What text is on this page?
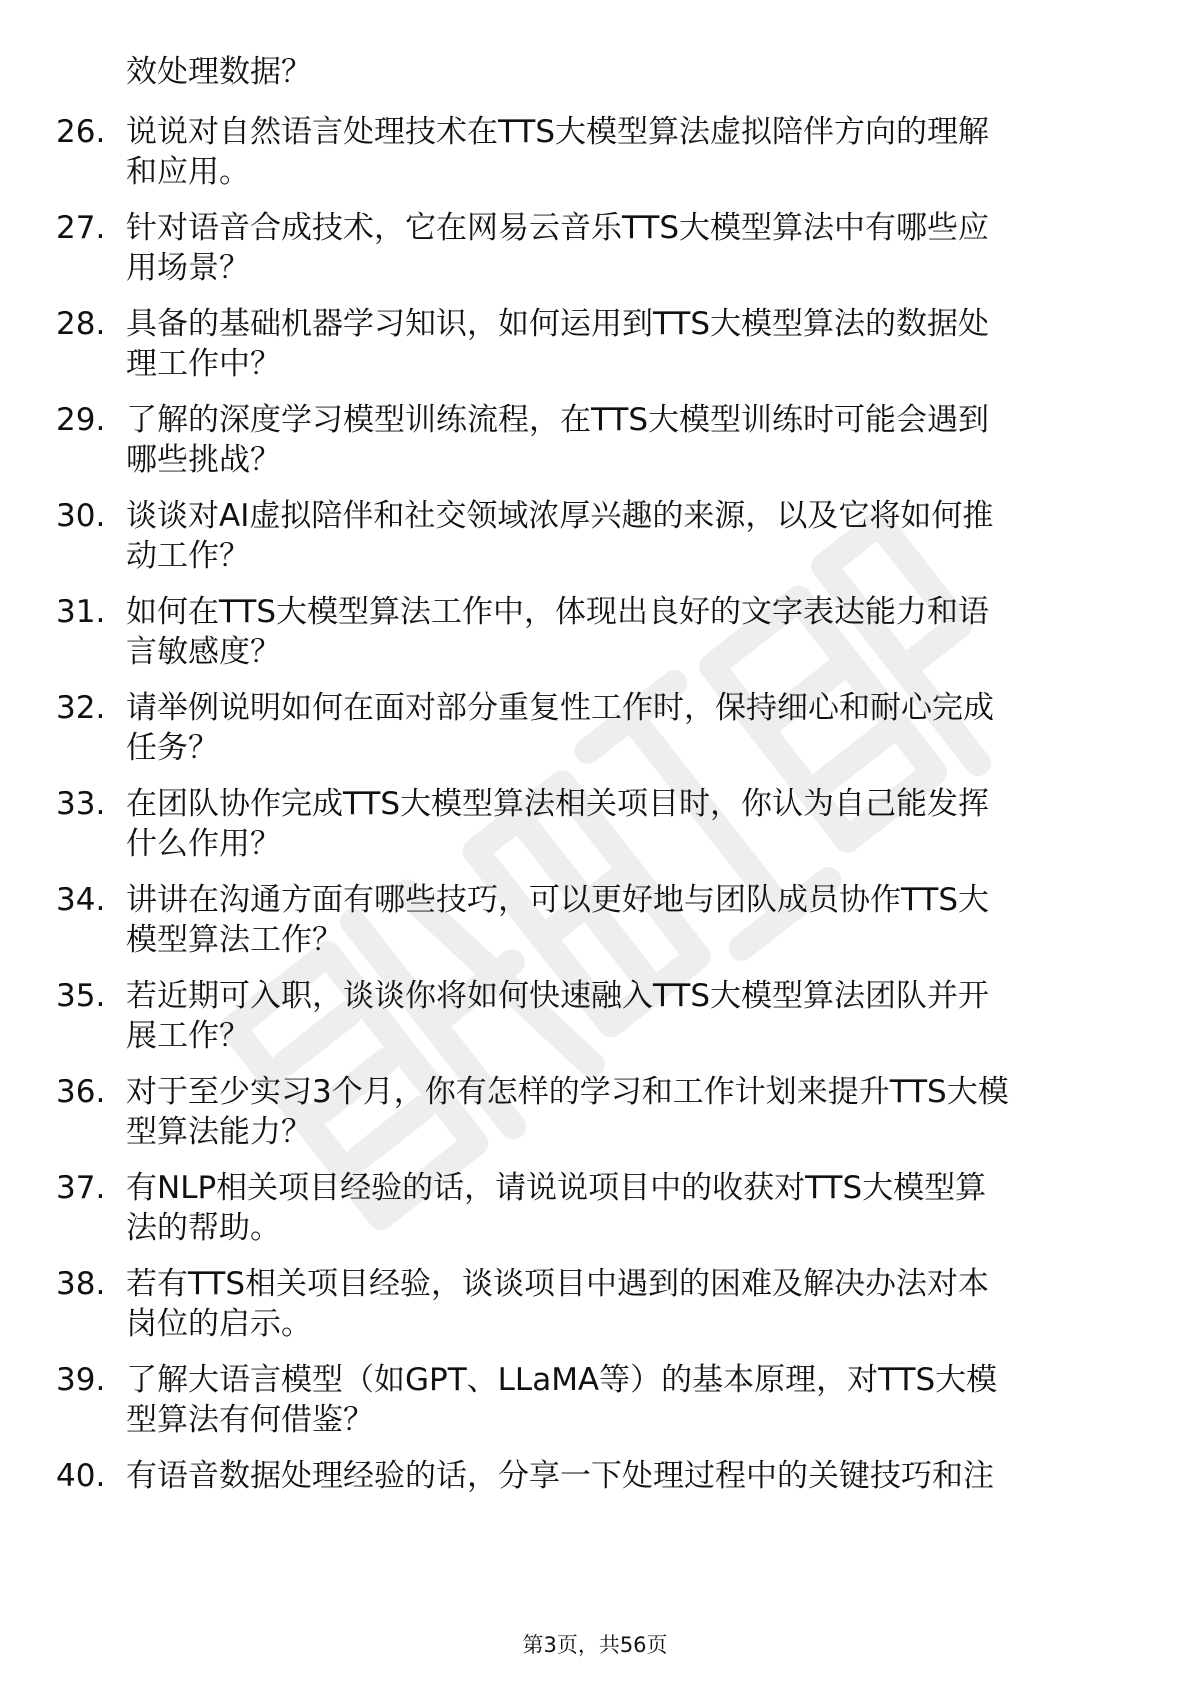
效处理数据？
26. 说说对自然语言处理技术在TTS大模型算法虚拟陪伴方向的理解
和应用。
27. 针对语音合成技术，它在网易云音乐TTS大模型算法中有哪些应
用场景？
28. 具备的基础机器学习知识，如何运用到TTS大模型算法的数据处
理工作中？
29. 了解的深度学习模型训练流程，在TTS大模型训练时可能会遇到
哪些挑战？
30. 谈谈对AI虚拟陪伴和社交领域浓厚兴趣的来源，以及它将如何推
动工作？
31. 如何在TTS大模型算法工作中，体现出良好的文字表达能力和语
言敏感度？
32. 请举例说明如何在面对部分重复性工作时，保持细心和耐心完成
任务？
33. 在团队协作完成TTS大模型算法相关项目时，你认为自己能发挥
什么作用？
34. 讲讲在沟通方面有哪些技巧，可以更好地与团队成员协作TTS大
模型算法工作？
35. 若近期可入职，谈谈你将如何快速融入TTS大模型算法团队并开
展工作？
36. 对于至少实习3个月，你有怎样的学习和工作计划来提升TTS大模
型算法能力？
37. 有NLP相关项目经验的话，请说说项目中的收获对TTS大模型算
法的帮助。
38. 若有TTS相关项目经验，谈谈项目中遇到的困难及解决办法对本
岗位的启示。
39. 了解大语言模型（如GPT、LLaMA等）的基本原理，对TTS大模
型算法有何借鉴？
40. 有语音数据处理经验的话，分享一下处理过程中的关键技巧和注
第3页，共56页
